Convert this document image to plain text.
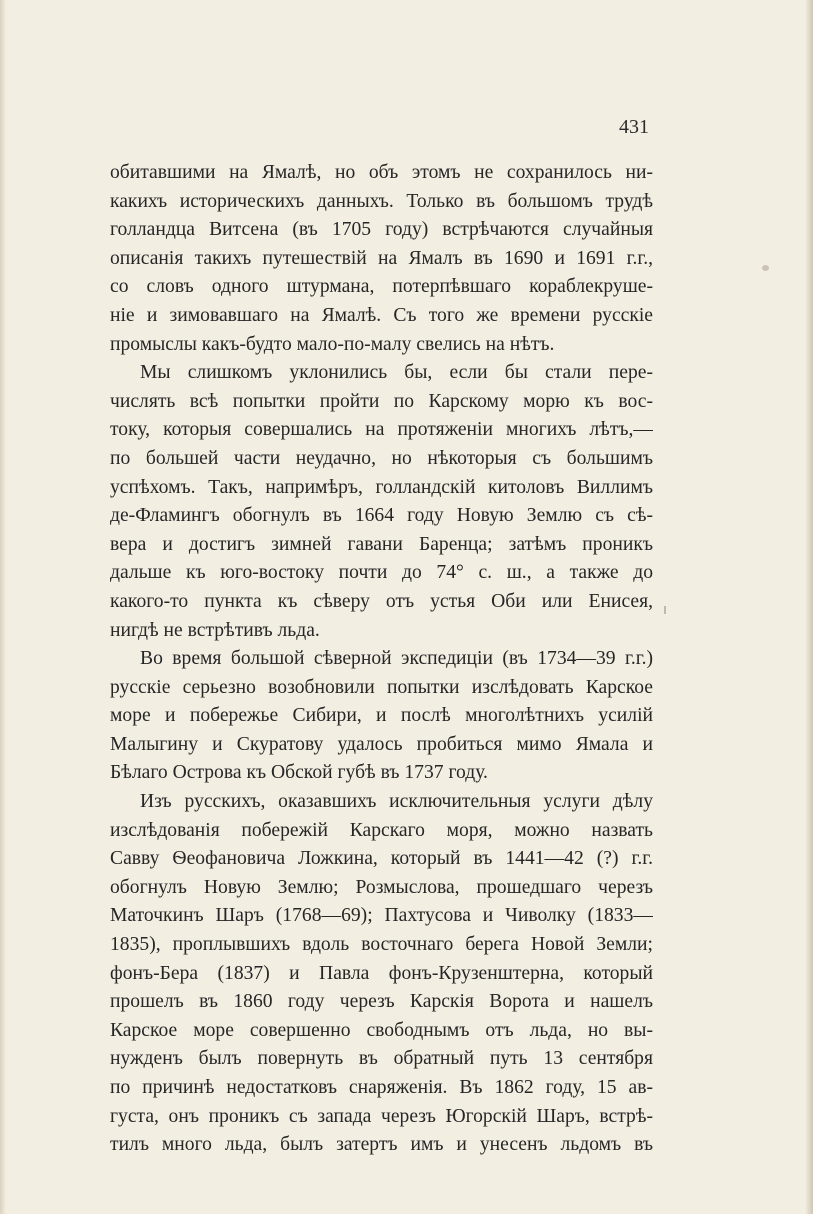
431

обитавшими на Ямалѣ, но объ этомъ не сохранилось ни-
какихъ историческихъ данныхъ. Только въ большомъ трудѣ
голландца Витсена (въ 1705 году) встрѣчаются случайныя
описанія такихъ путешествій на Ямалъ въ 1690 и 1691 г.г.,
со словъ одного штурмана, потерпѣвшаго кораблекруше-
ніе и зимовавшаго на Ямалѣ. Съ того же времени русскіе
промыслы какъ-будто мало-по-малу свелись на нѣтъ.
Мы слишкомъ уклонились бы, если бы стали пере-
числять всѣ попытки пройти по Карскому морю къ вос-
току, которыя совершались на протяженіи многихъ лѣтъ,—
по большей части неудачно, но нѣкоторыя съ большимъ
успѣхомъ. Такъ, напримѣръ, голландскій китоловъ Виллимъ
де-Фламингъ обогнулъ въ 1664 году Новую Землю съ сѣ-
вера и достигъ зимней гавани Баренца; затѣмъ проникъ
дальше къ юго-востоку почти до 74° с. ш., а также до
какого-то пункта къ сѣверу отъ устья Оби или Енисея,
нигдѣ не встрѣтивъ льда.
Во время большой сѣверной экспедиціи (въ 1734—39 г.г.)
русскіе серьезно возобновили попытки изслѣдовать Карское
море и побережье Сибири, и послѣ многолѣтнихъ усилій
Малыгину и Скуратову удалось пробиться мимо Ямала и
Бѣлаго Острова къ Обской губѣ въ 1737 году.
Изъ русскихъ, оказавшихъ исключительныя услуги дѣлу
изслѣдованія побережій Карскаго моря, можно назвать
Савву Ѳеофановича Ложкина, который въ 1441—42 (?) г.г.
обогнулъ Новую Землю; Розмыслова, прошедшаго черезъ
Маточкинъ Шаръ (1768—69); Пахтусова и Чиволку (1833—
1835), проплывшихъ вдоль восточнаго берега Новой Земли;
фонъ-Бера (1837) и Павла фонъ-Крузенштерна, который
прошелъ въ 1860 году черезъ Карскія Ворота и нашелъ
Карское море совершенно свободнымъ отъ льда, но вы-
нужденъ былъ повернуть въ обратный путь 13 сентября
по причинѣ недостатковъ снаряженія. Въ 1862 году, 15 ав-
густа, онъ проникъ съ запада черезъ Югорскій Шаръ, встрѣ-
тилъ много льда, былъ затертъ имъ и унесенъ льдомъ въ
